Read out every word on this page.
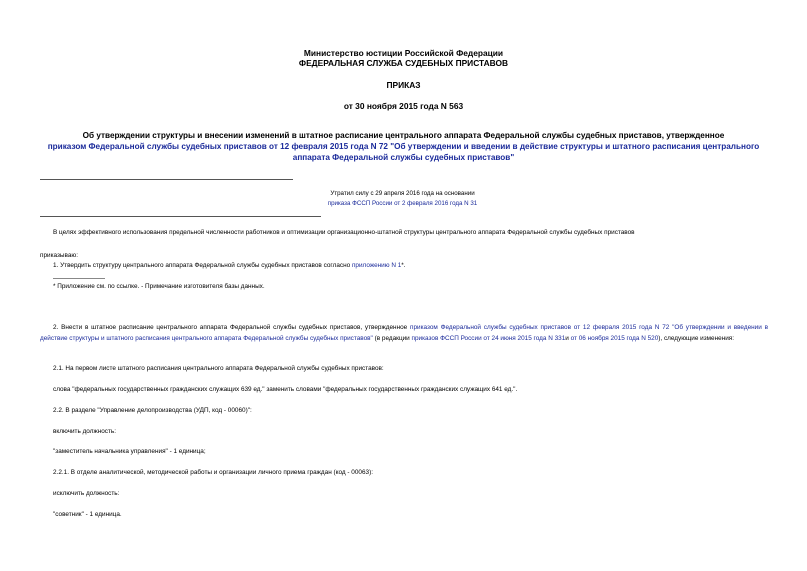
Министерство юстиции Российской Федерации
ФЕДЕРАЛЬНАЯ СЛУЖБА СУДЕБНЫХ ПРИСТАВОВ
ПРИКАЗ
от 30 ноября 2015 года N 563
Об утверждении структуры и внесении изменений в штатное расписание центрального аппарата Федеральной службы судебных приставов, утвержденное
приказом Федеральной службы судебных приставов от 12 февраля 2015 года N 72 "Об утверждении и введении в действие структуры и штатного расписания центрального аппарата Федеральной службы судебных приставов"
Утратил силу с 29 апреля 2016 года на основании
приказа ФССП России от 2 февраля 2016 года N 31
В целях эффективного использования предельной численности работников и оптимизации организационно-штатной структуры центрального аппарата Федеральной службы судебных приставов
приказываю:
1. Утвердить структуру центрального аппарата Федеральной службы судебных приставов согласно приложению N 1*.
* Приложение см. по ссылке. - Примечание изготовителя базы данных.
2. Внести в штатное расписание центрального аппарата Федеральной службы судебных приставов, утвержденное приказом Федеральной службы судебных приставов от 12 февраля 2015 года N 72 "Об утверждении и введении в действие структуры и штатного расписания центрального аппарата Федеральной службы судебных приставов" (в редакции приказов ФССП России от 24 июня 2015 года N 331и от 06 ноября 2015 года N 520), следующие изменения:
2.1. На первом листе штатного расписания центрального аппарата Федеральной службы судебных приставов:
слова "федеральных государственных гражданских служащих 639 ед." заменить словами "федеральных государственных гражданских служащих 641 ед.".
2.2. В разделе "Управление делопроизводства (УДП, код - 00060)":
включить должность:
"заместитель начальника управления" - 1 единица;
2.2.1. В отделе аналитической, методической работы и организации личного приема граждан (код - 00063):
исключить должность:
"советник" - 1 единица.
